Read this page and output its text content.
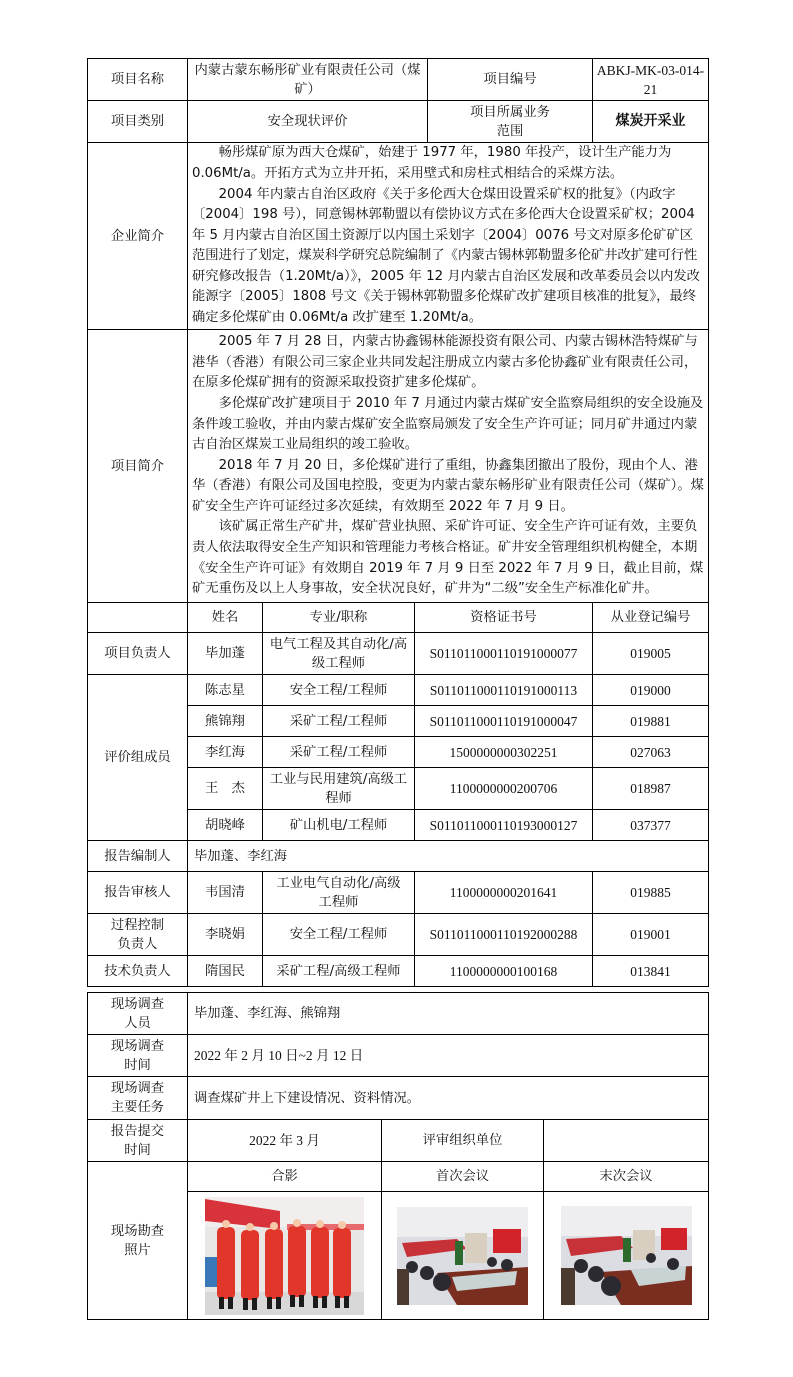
项目名称	内蒙古蒙东畅彤矿业有限责任公司（煤矿）			项目编号	ABKJ-MK-03-014-21
项目类别	安全现状评价			项目所属业务范围	煤炭开采业
企业简介	畅彤煤矿原为西大仓煤矿，始建于 1977 年，1980 年投产，设计生产能力为 0.06Mt/a。开拓方式为立井开拓，采用壁式和房柱式相结合的采煤方法。

2004 年内蒙古自治区政府《关于多伦西大仓煤田设置采矿权的批复》（内政字〔2004〕198 号），同意锡林郭勒盟以有偿协议方式在多伦西大仓设置采矿权；2004 年 5 月内蒙古自治区国土资源厅以内国土采划字〔2004〕0076 号文对原多伦矿矿区范围进行了划定，煤炭科学研究总院编制了《内蒙古锡林郭勒盟多伦矿井改扩建可行性研究修改报告（1.20Mt/a）》，2005 年 12 月内蒙古自治区发展和改革委员会以内发改能源字〔2005〕1808 号文《关于锡林郭勒盟多伦煤矿改扩建项目核准的批复》，最终确定多伦煤矿由 0.06Mt/a 改扩建至 1.20Mt/a。				

项目简介	2005 年 7 月 28 日，内蒙古协鑫锡林能源投资有限公司、内蒙古锡林浩特煤矿与港华（香港）有限公司三家企业共同发起注册成立内蒙古多伦协鑫矿业有限责任公司，在原多伦煤矿拥有的资源采取投资扩建多伦煤矿。

多伦煤矿改扩建项目于 2010 年 7 月通过内蒙古煤矿安全监察局组织的安全设施及条件竣工验收，并由内蒙古煤矿安全监察局颁发了安全生产许可证；同月矿井通过内蒙古自治区煤炭工业局组织的竣工验收。

2018 年 7 月 20 日，多伦煤矿进行了重组，协鑫集团撤出了股份，现由个人、港华（香港）有限公司及国电控股，变更为内蒙古蒙东畅彤矿业有限责任公司（煤矿）。煤矿安全生产许可证经过多次延续，有效期至 2022 年 7 月 9 日。

该矿属正常生产矿井，煤矿营业执照、采矿许可证、安全生产许可证有效，主要负责人依法取得安全生产知识和管理能力考核合格证。矿井安全管理组织机构健全，本期《安全生产许可证》有效期自 2019 年 7 月 9 日至 2022 年 7 月 9 日，截止目前，煤矿无重伤及以上人身事故，安全状况良好，矿井为“二级”安全生产标准化矿井。				

	姓名	专业/职称	资格证书号		从业登记编号
项目负责人	毕加蓬	电气工程及其自动化/高级工程师	S011011000110191000077		019005
评价组成员	陈志星	安全工程/工程师	S011011000110191000113		019000
	熊锦翔	采矿工程/工程师	S011011000110191000047		019881
	李红海	采矿工程/工程师	1500000000302251		027063
	王　杰	工业与民用建筑/高级工程师	1100000000200706		018987
	胡晓峰	矿山机电/工程师	S011011000110193000127		037377
报告编制人	毕加蓬、李红海				
报告审核人	韦国清	工业电气自动化/高级工程师	1100000000201641		019885
过程控制负责人	李晓娟	安全工程/工程师	S011011000110192000288		019001
技术负责人	隋国民	采矿工程/高级工程师	1100000000100168		013841
现场调查人员	毕加蓬、李红海、熊锦翔		
现场调查时间	2022 年 2 月 10 日~2 月 12 日		
现场调查主要任务	调查煤矿井上下建设情况、资料情况。		
报告提交时间	2022 年 3 月	评审组织单位	
现场勘查照片	合影	首次会议	末次会议
